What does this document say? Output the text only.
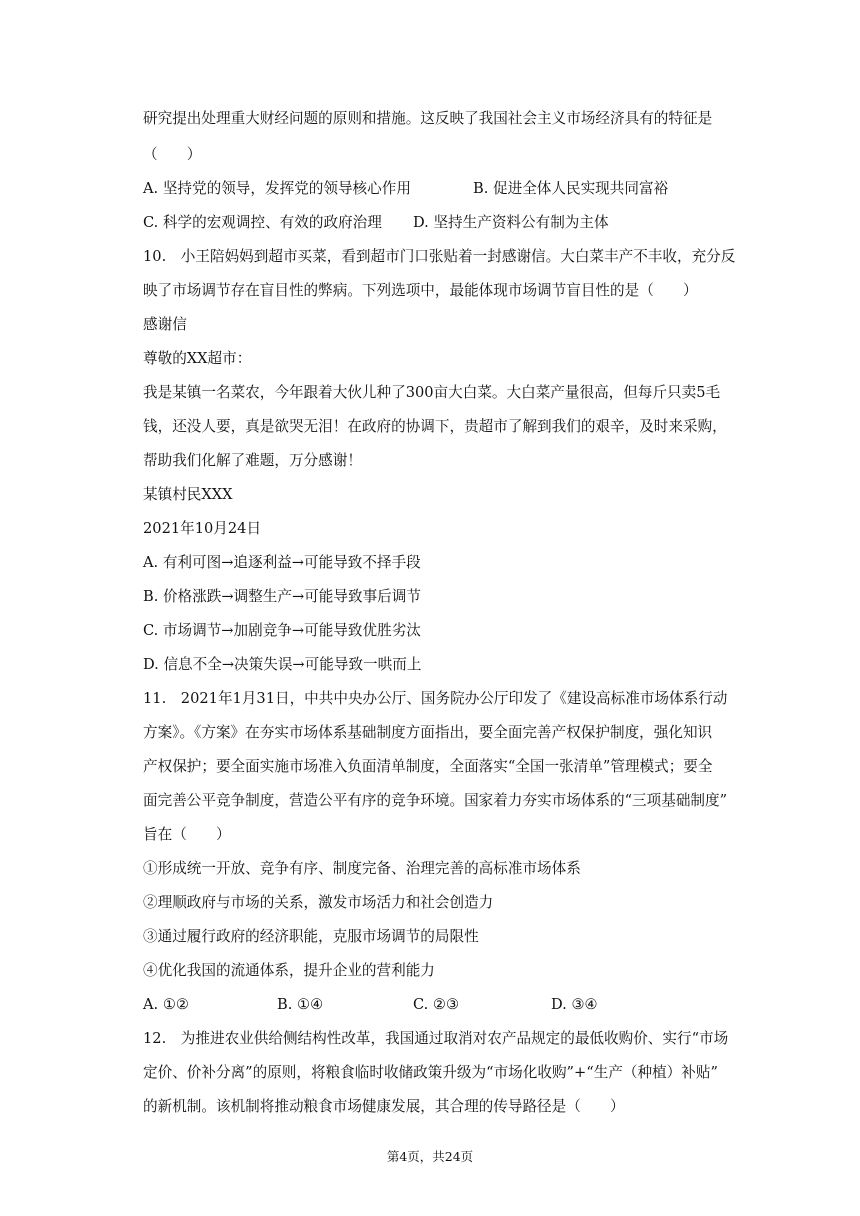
研究提出处理重大财经问题的原则和措施。这反映了我国社会主义市场经济具有的特征是
（　　）
A. 坚持党的领导，发挥党的领导核心作用	B. 促进全体人民实现共同富裕
C. 科学的宏观调控、有效的政府治理 D. 坚持生产资料公有制为主体
10.　小王陪妈妈到超市买菜，看到超市门口张贴着一封感谢信。大白菜丰产不丰收，充分反
映了市场调节存在盲目性的弊病。下列选项中，最能体现市场调节盲目性的是（　　）
感谢信
尊敬的XX超市：
我是某镇一名菜农，今年跟着大伙儿种了300亩大白菜。大白菜产量很高，但每斤只卖5毛
钱，还没人要，真是欲哭无泪！在政府的协调下，贵超市了解到我们的艰辛，及时来采购，
帮助我们化解了难题，万分感谢！
某镇村民XXX
2021年10月24日
A. 有利可图→追逐利益→可能导致不择手段
B. 价格涨跌→调整生产→可能导致事后调节
C. 市场调节→加剧竞争→可能导致优胜劣汰
D. 信息不全→决策失误→可能导致一哄而上
11.　2021年1月31日，中共中央办公厅、国务院办公厅印发了《建设高标准市场体系行动
方案》。《方案》在夯实市场体系基础制度方面指出，要全面完善产权保护制度，强化知识
产权保护；要全面实施市场准入负面清单制度，全面落实“全国一张清单”管理模式；要全
面完善公平竞争制度，营造公平有序的竞争环境。国家着力夯实市场体系的“三项基础制度”
旨在（　　）
①形成统一开放、竞争有序、制度完备、治理完善的高标准市场体系
②理顺政府与市场的关系，激发市场活力和社会创造力
③通过履行政府的经济职能，克服市场调节的局限性
④优化我国的流通体系，提升企业的营利能力
A. ①②	B. ①④	C. ②③	D. ③④
12.　为推进农业供给侧结构性改革，我国通过取消对农产品规定的最低收购价、实行“市场
定价、价补分离”的原则，将粮食临时收储政策升级为“市场化收购”+“生产（种植）补贴”
的新机制。该机制将推动粮食市场健康发展，其合理的传导路径是（　　）
第4页，共24页
